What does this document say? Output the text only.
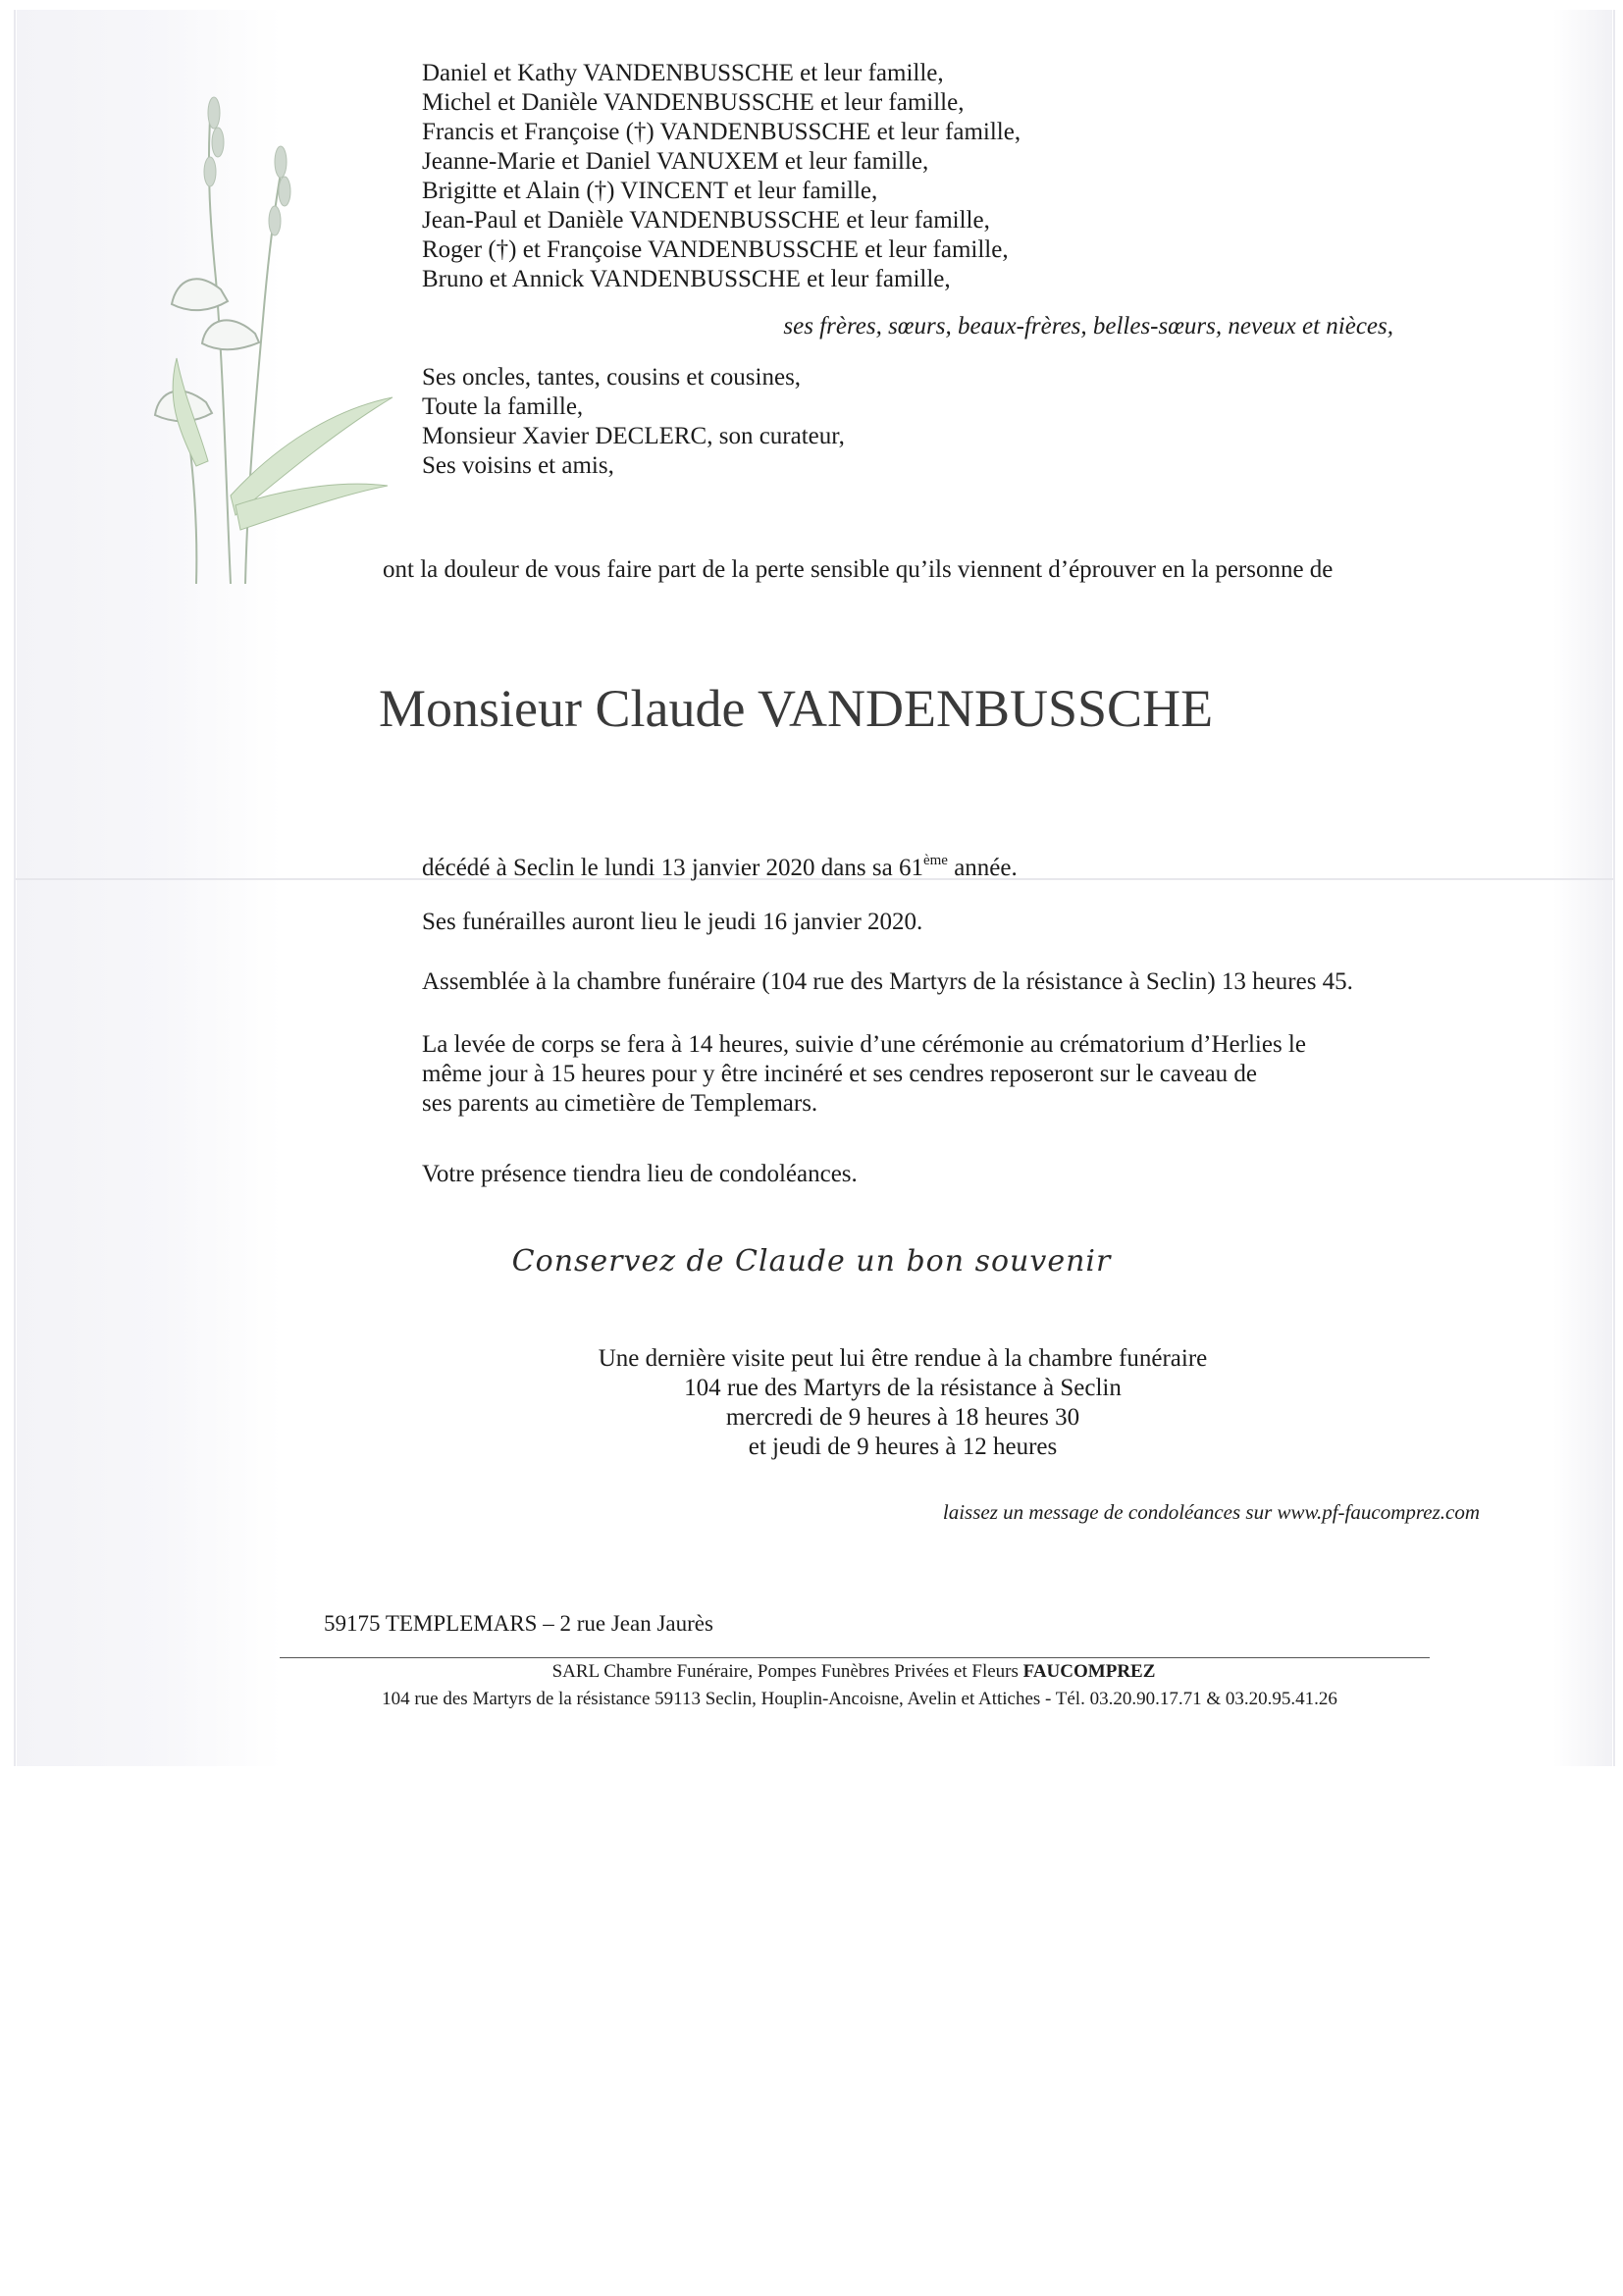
Daniel et Kathy VANDENBUSSCHE et leur famille,
Michel et Danièle VANDENBUSSCHE et leur famille,
Francis et Françoise (†) VANDENBUSSCHE et leur famille,
Jeanne-Marie et Daniel VANUXEM et leur famille,
Brigitte et Alain (†) VINCENT et leur famille,
Jean-Paul et Danièle VANDENBUSSCHE et leur famille,
Roger (†) et Françoise VANDENBUSSCHE et leur famille,
Bruno et Annick VANDENBUSSCHE et leur famille,
ses frères, sœurs, beaux-frères, belles-sœurs, neveux et nièces,
Ses oncles, tantes, cousins et cousines,
Toute la famille,
Monsieur Xavier DECLERC, son curateur,
Ses voisins et amis,
ont la douleur de vous faire part de la perte sensible qu’ils viennent d’éprouver en la personne de
Monsieur Claude VANDENBUSSCHE
décédé à Seclin le lundi 13 janvier 2020 dans sa 61ème année.
Ses funérailles auront lieu le jeudi 16 janvier 2020.
Assemblée à la chambre funéraire (104 rue des Martyrs de la résistance à Seclin) 13 heures 45.
La levée de corps se fera à 14 heures, suivie d’une cérémonie au crématorium d’Herlies le
même jour à 15 heures pour y être incinéré et ses cendres reposeront sur le caveau de
ses parents au cimetière de Templemars.
Votre présence tiendra lieu de condoléances.
Conservez de Claude un bon souvenir
Une dernière visite peut lui être rendue à la chambre funéraire
104 rue des Martyrs de la résistance à Seclin
mercredi de 9 heures à 18 heures 30
et jeudi de 9 heures à 12 heures
laissez un message de condoléances sur www.pf-faucomprez.com
59175 TEMPLEMARS – 2 rue Jean Jaurès
SARL Chambre Funéraire, Pompes Funèbres Privées et Fleurs FAUCOMPREZ
104 rue des Martyrs de la résistance 59113 Seclin, Houplin-Ancoisne, Avelin et Attiches - Tél. 03.20.90.17.71 & 03.20.95.41.26
